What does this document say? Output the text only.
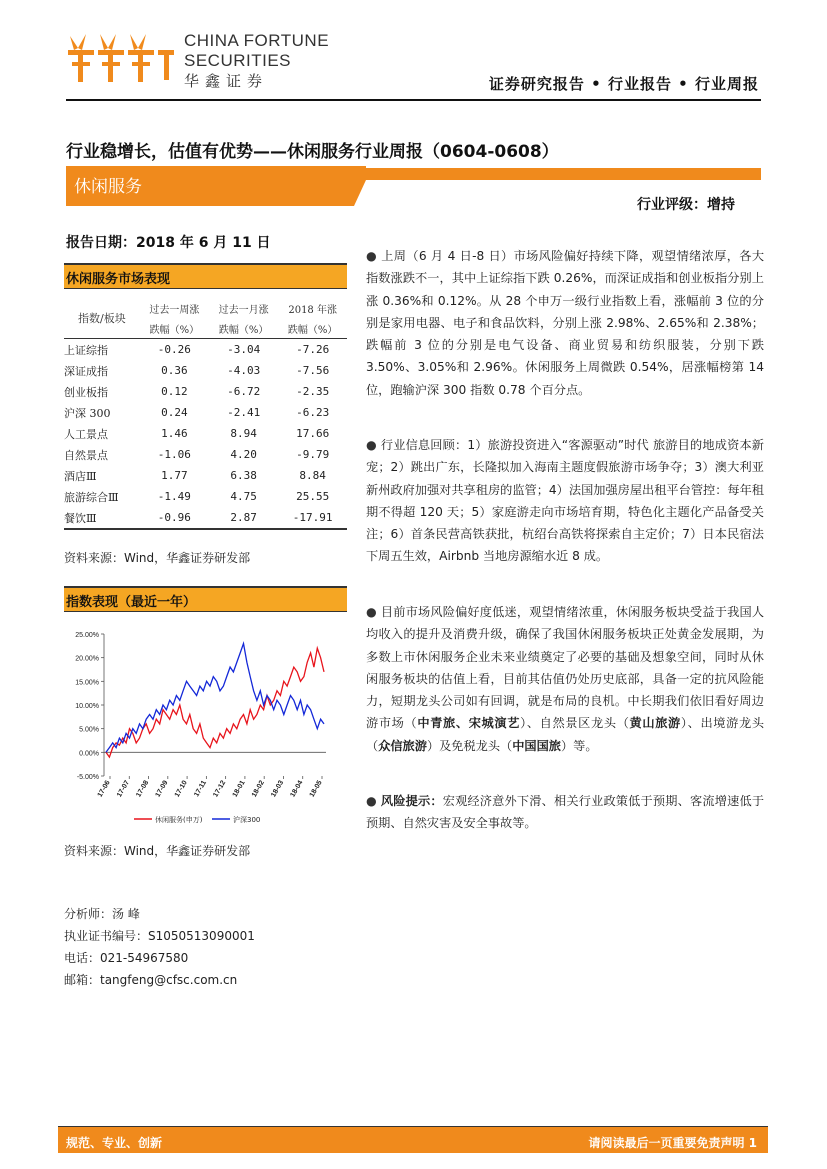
CHINA FORTUNE
SECURITIES
华鑫证券	证券研究报告 • 行业报告 • 行业周报
行业稳增长，估值有优势——休闲服务行业周报（0604-0608）
休闲服务
行业评级：增持
报告日期：2018 年 6 月 11 日
休闲服务市场表现
指数/板块	过去一周涨	过去一月涨	2018 年涨
	跌幅（%）	跌幅（%）	跌幅（%）
上证综指	-0.26	-3.04	-7.26
深证成指	0.36	-4.03	-7.56
创业板指	0.12	-6.72	-2.35
沪深 300	0.24	-2.41	-6.23
人工景点	1.46	8.94	17.66
自然景点	-1.06	4.20	-9.79
酒店Ⅲ	1.77	6.38	8.84
旅游综合Ⅲ	-1.49	4.75	25.55
餐饮Ⅲ	-0.96	2.87	-17.91
资料来源：Wind，华鑫证券研发部
指数表现（最近一年）
-5.00%
0.00%
5.00%
10.00%
15.00%
20.00%
25.00%
17-06 17-07 17-08 17-09 17-10 17-11 17-12 18-01 18-02 18-03 18-04 18-05
休闲服务(申万)	沪深300
资料来源：Wind，华鑫证券研发部

● 上周（6 月 4 日-8 日）市场风险偏好持续下降，观望情绪浓厚，各大指数涨跌不一，其中上证综指下跌 0.26%，而深证成指和创业板指分别上涨 0.36%和 0.12%。从 28 个申万一级行业指数上看，涨幅前 3 位的分别是家用电器、电子和食品饮料，分别上涨 2.98%、2.65%和 2.38%；跌幅前 3 位的分别是电气设备、商业贸易和纺织服装，分别下跌 3.50%、3.05%和 2.96%。休闲服务上周微跌 0.54%，居涨幅榜第 14 位，跑输沪深 300 指数 0.78 个百分点。

● 行业信息回顾：1）旅游投资进入“客源驱动”时代 旅游目的地成资本新宠；2）跳出广东，长隆拟加入海南主题度假旅游市场争夺；3）澳大利亚新州政府加强对共享租房的监管；4）法国加强房屋出租平台管控：每年租期不得超 120 天；5）家庭游走向市场培育期，特色化主题化产品备受关注；6）首条民营高铁获批，杭绍台高铁将探索自主定价；7）日本民宿法下周五生效，Airbnb 当地房源缩水近 8 成。

● 目前市场风险偏好度低迷，观望情绪浓重，休闲服务板块受益于我国人均收入的提升及消费升级，确保了我国休闲服务板块正处黄金发展期，为多数上市休闲服务企业未来业绩奠定了必要的基础及想象空间，同时从休闲服务板块的估值上看，目前其估值仍处历史底部，具备一定的抗风险能力，短期龙头公司如有回调，就是布局的良机。中长期我们依旧看好周边游市场（中青旅、宋城演艺）、自然景区龙头（黄山旅游）、出境游龙头（众信旅游）及免税龙头（中国国旅）等。

● 风险提示：宏观经济意外下滑、相关行业政策低于预期、客流增速低于预期、自然灾害及安全事故等。

分析师：汤 峰
执业证书编号：S1050513090001
电话：021-54967580
邮箱：tangfeng@cfsc.com.cn
规范、专业、创新	请阅读最后一页重要免责声明 1
